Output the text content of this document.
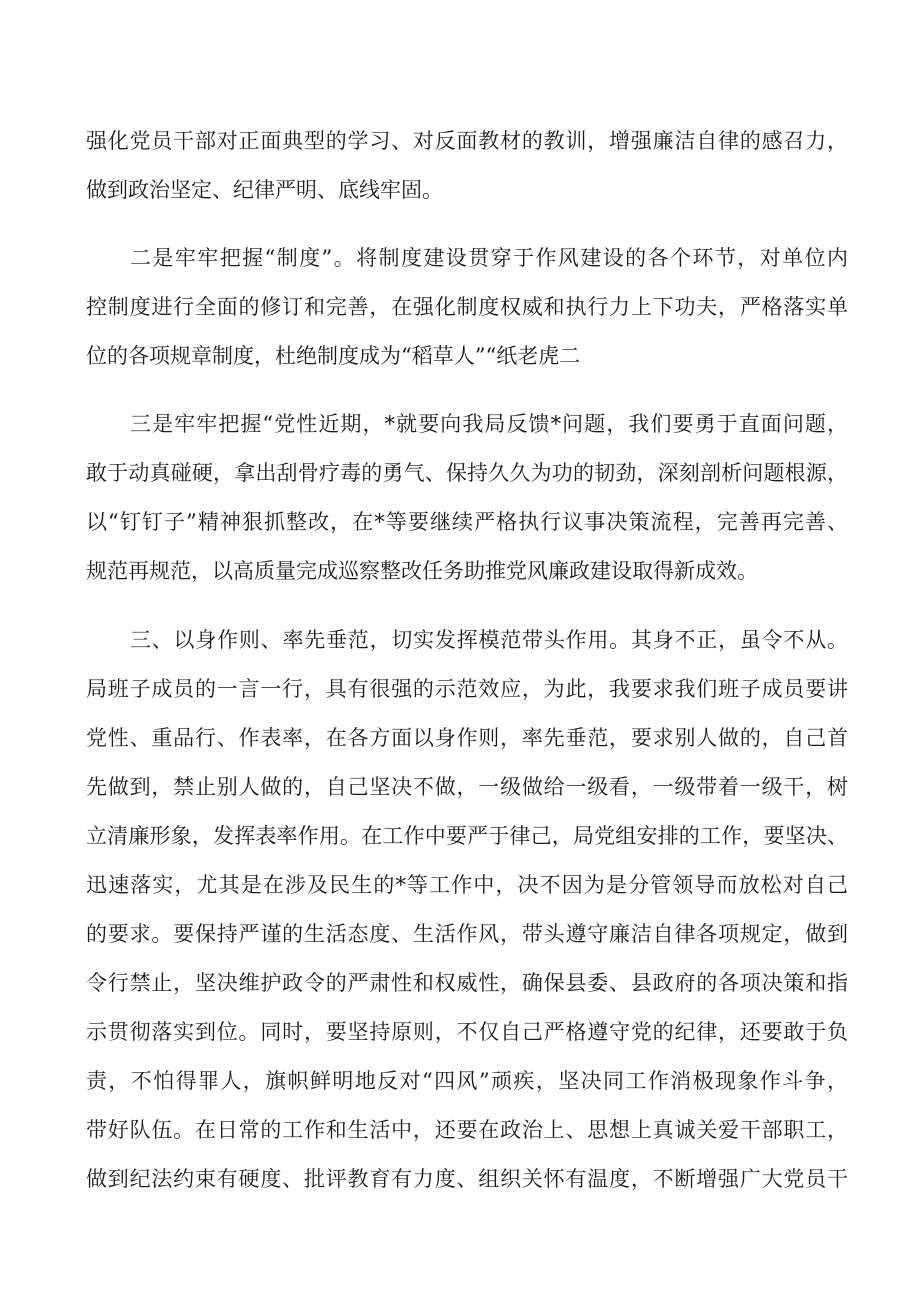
强化党员干部对正面典型的学习、对反面教材的教训，增强廉洁自律的感召力，
做到政治坚定、纪律严明、底线牢固。
二是牢牢把握“制度”。将制度建设贯穿于作风建设的各个环节，对单位内
控制度进行全面的修订和完善，在强化制度权威和执行力上下功夫，严格落实单
位的各项规章制度，杜绝制度成为“稻草人”“纸老虎二
三是牢牢把握“党性近期，*就要向我局反馈*问题，我们要勇于直面问题，
敢于动真碰硬，拿出刮骨疗毒的勇气、保持久久为功的韧劲，深刻剖析问题根源，
以“钉钉子”精神狠抓整改，在*等要继续严格执行议事决策流程，完善再完善、
规范再规范，以高质量完成巡察整改任务助推党风廉政建设取得新成效。
三、以身作则、率先垂范，切实发挥模范带头作用。其身不正，虽令不从。
局班子成员的一言一行，具有很强的示范效应，为此，我要求我们班子成员要讲
党性、重品行、作表率，在各方面以身作则，率先垂范，要求别人做的，自己首
先做到，禁止别人做的，自己坚决不做，一级做给一级看，一级带着一级干，树
立清廉形象，发挥表率作用。在工作中要严于律己，局党组安排的工作，要坚决、
迅速落实，尤其是在涉及民生的*等工作中，决不因为是分管领导而放松对自己
的要求。要保持严谨的生活态度、生活作风，带头遵守廉洁自律各项规定，做到
令行禁止，坚决维护政令的严肃性和权威性，确保县委、县政府的各项决策和指
示贯彻落实到位。同时，要坚持原则，不仅自己严格遵守党的纪律，还要敢于负
责，不怕得罪人，旗帜鲜明地反对“四风”顽疾，坚决同工作消极现象作斗争，
带好队伍。在日常的工作和生活中，还要在政治上、思想上真诚关爱干部职工，
做到纪法约束有硬度、批评教育有力度、组织关怀有温度，不断增强广大党员干
